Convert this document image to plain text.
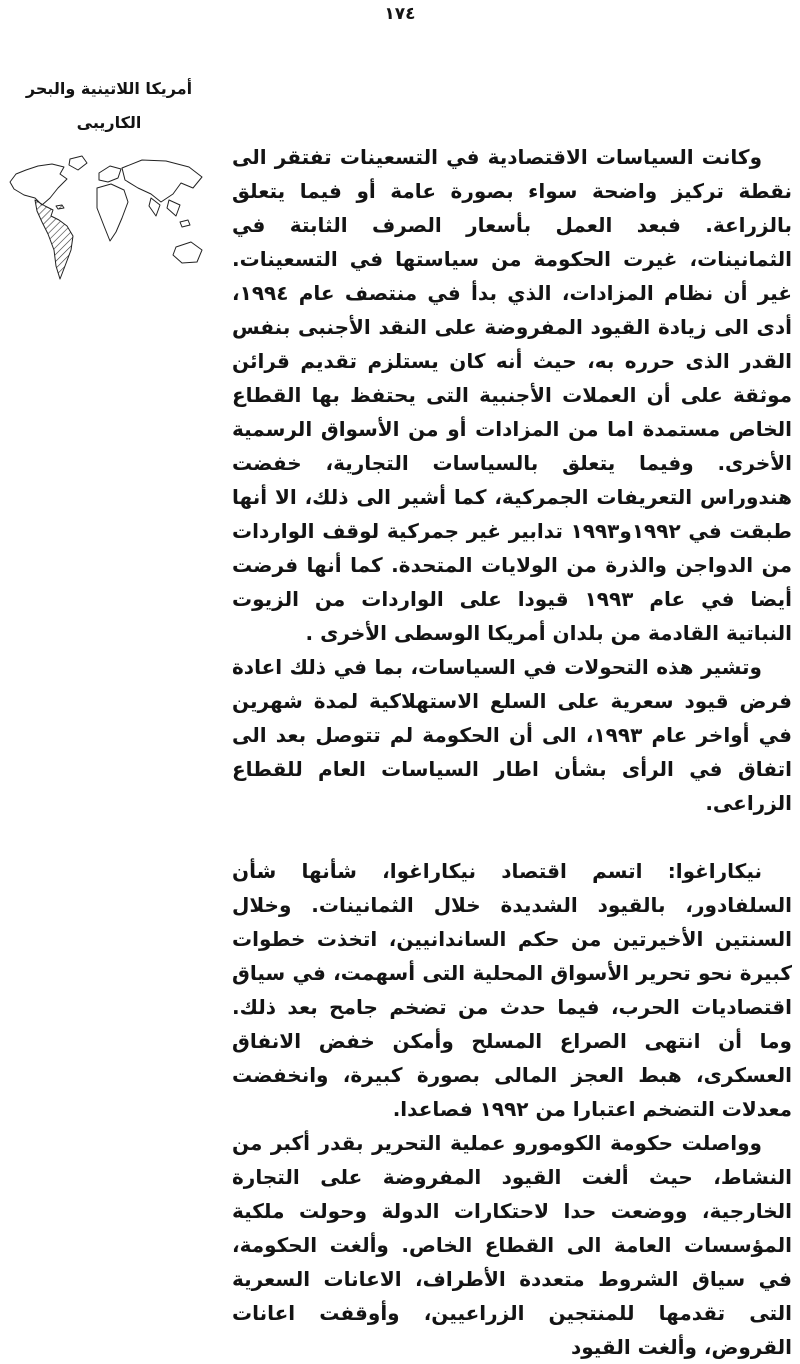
١٧٤
أمريكا اللاتينية والبحر
الكاريبى

وكانت السياسات الاقتصادية في التسعينات تفتقر الى نقطة تركيز واضحة سواء بصورة عامة أو فيما يتعلق بالزراعة. فبعد العمل بأسعار الصرف الثابتة في الثمانينات، غيرت الحكومة من سياستها في التسعينات. غير أن نظام المزادات، الذي بدأ في منتصف عام ١٩٩٤، أدى الى زيادة القيود المفروضة على النقد الأجنبى بنفس القدر الذى حرره به، حيث أنه كان يستلزم تقديم قرائن موثقة على أن العملات الأجنبية التى يحتفظ بها القطاع الخاص مستمدة اما من المزادات أو من الأسواق الرسمية الأخرى. وفيما يتعلق بالسياسات التجارية، خفضت هندوراس التعريفات الجمركية، كما أشير الى ذلك، الا أنها طبقت في ١٩٩٢و١٩٩٣ تدابير غير جمركية لوقف الواردات من الدواجن والذرة من الولايات المتحدة. كما أنها فرضت أيضا في عام ١٩٩٣ قيودا على الواردات من الزيوت النباتية القادمة من بلدان أمريكا الوسطى الأخرى .

وتشير هذه التحولات في السياسات، بما في ذلك اعادة فرض قيود سعرية على السلع الاستهلاكية لمدة شهرين في أواخر عام ١٩٩٣، الى أن الحكومة لم تتوصل بعد الى اتفاق في الرأى بشأن اطار السياسات العام للقطاع الزراعى.

نيكاراغوا: اتسم اقتصاد نيكاراغوا، شأنها شأن السلفادور، بالقيود الشديدة خلال الثمانينات. وخلال السنتين الأخيرتين من حكم الساندانيين، اتخذت خطوات كبيرة نحو تحرير الأسواق المحلية التى أسهمت، في سياق اقتصاديات الحرب، فيما حدث من تضخم جامح بعد ذلك. وما أن انتهى الصراع المسلح وأمكن خفض الانفاق العسكرى، هبط العجز المالى بصورة كبيرة، وانخفضت معدلات التضخم اعتبارا من ١٩٩٢ فصاعدا.

وواصلت حكومة الكومورو عملية التحرير بقدر أكبر من النشاط، حيث ألغت القيود المفروضة على التجارة الخارجية، ووضعت حدا لاحتكارات الدولة وحولت ملكية المؤسسات العامة الى القطاع الخاص. وألغت الحكومة، في سياق الشروط متعددة الأطراف، الاعانات السعرية التى تقدمها للمنتجين الزراعيين، وأوقفت اعانات القروض، وألغت القيود
